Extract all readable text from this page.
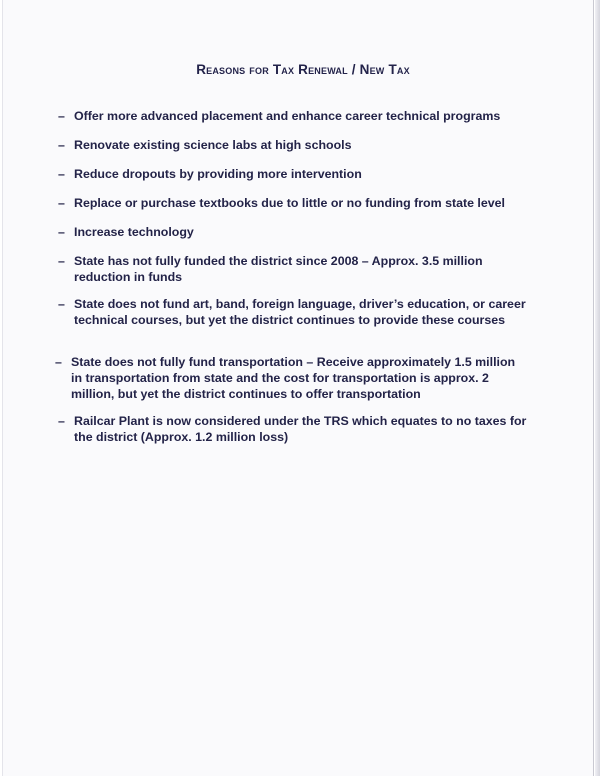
Reasons for Tax Renewal / New Tax
– Offer more advanced placement and enhance career technical programs
– Renovate existing science labs at high schools
– Reduce dropouts by providing more intervention
– Replace or purchase textbooks due to little or no funding from state level
– Increase technology
– State has not fully funded the district since 2008 – Approx. 3.5 million reduction in funds
– State does not fund art, band, foreign language, driver’s education, or career technical courses, but yet the district continues to provide these courses
– State does not fully fund transportation – Receive approximately 1.5 million in transportation from state and the cost for transportation is approx. 2 million, but yet the district continues to offer transportation
– Railcar Plant is now considered under the TRS which equates to no taxes for the district (Approx. 1.2 million loss)
